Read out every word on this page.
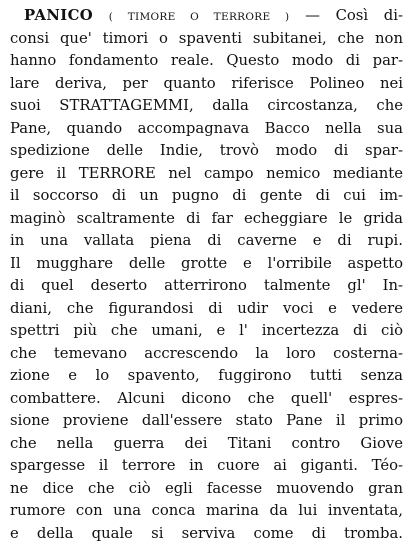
PANICO ( TIMORE O TERRORE ) — Così di-
consi que' timori o spaventi subitanei, che non
hanno fondamento reale. Questo modo di par-
lare deriva, per quanto riferisce Polineo nei
suoi STRATTAGEMMI, dalla circostanza, che
Pane, quando accompagnava Bacco nella sua
spedizione delle Indie, trovò modo di spar-
gere il TERRORE nel campo nemico mediante
il soccorso di un pugno di gente di cui im-
maginò scaltramente di far echeggiare le grida
in una vallata piena di caverne e di rupi.
Il mugghare delle grotte e l'orribile aspetto
di quel deserto atterrirono talmente gl' In-
diani, che figurandosi di udir voci e vedere
spettri più che umani, e l' incertezza di ciò
che temevano accrescendo la loro costerna-
zione e lo spavento, fuggirono tutti senza
combattere. Alcuni dicono che quell' espres-
sione proviene dall'essere stato Pane il primo
che nella guerra dei Titani contro Giove
spargesse il terrore in cuore ai giganti. Téo-
ne dice che ciò egli facesse muovendo gran
rumore con una conca marina da lui inventata,
e della quale si serviva come di tromba.
